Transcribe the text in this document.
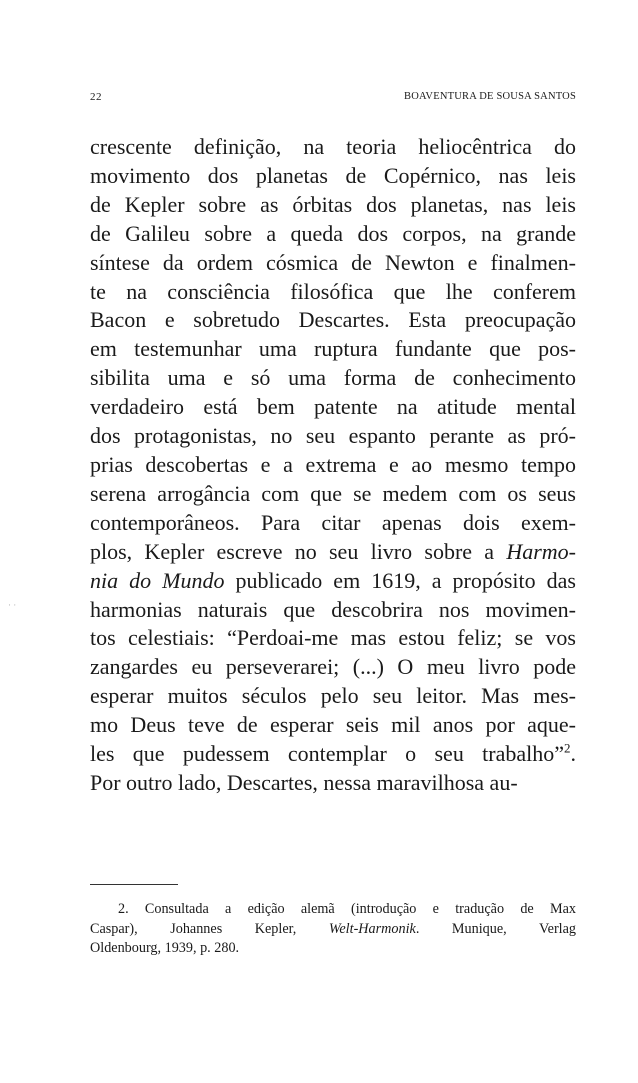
22	BOAVENTURA DE SOUSA SANTOS
crescente definição, na teoria heliocêntrica do
movimento dos planetas de Copérnico, nas leis
de Kepler sobre as órbitas dos planetas, nas leis
de Galileu sobre a queda dos corpos, na grande
síntese da ordem cósmica de Newton e finalmen-
te na consciência filosófica que lhe conferem
Bacon e sobretudo Descartes. Esta preocupação
em testemunhar uma ruptura fundante que pos-
sibilita uma e só uma forma de conhecimento
verdadeiro está bem patente na atitude mental
dos protagonistas, no seu espanto perante as pró-
prias descobertas e a extrema e ao mesmo tempo
serena arrogância com que se medem com os seus
contemporâneos. Para citar apenas dois exem-
plos, Kepler escreve no seu livro sobre a Harmo-
nia do Mundo publicado em 1619, a propósito das
harmonias naturais que descobrira nos movimen-
tos celestiais: “Perdoai-me mas estou feliz; se vos
zangardes eu perseverarei; (...) O meu livro pode
esperar muitos séculos pelo seu leitor. Mas mes-
mo Deus teve de esperar seis mil anos por aque-
les que pudessem contemplar o seu trabalho”$^2$.
Por outro lado, Descartes, nessa maravilhosa au-
2. Consultada a edição alemã (introdução e tradução de Max
Caspar), Johannes Kepler, Welt-Harmonik. Munique, Verlag
Oldenbourg, 1939, p. 280.
· ·
